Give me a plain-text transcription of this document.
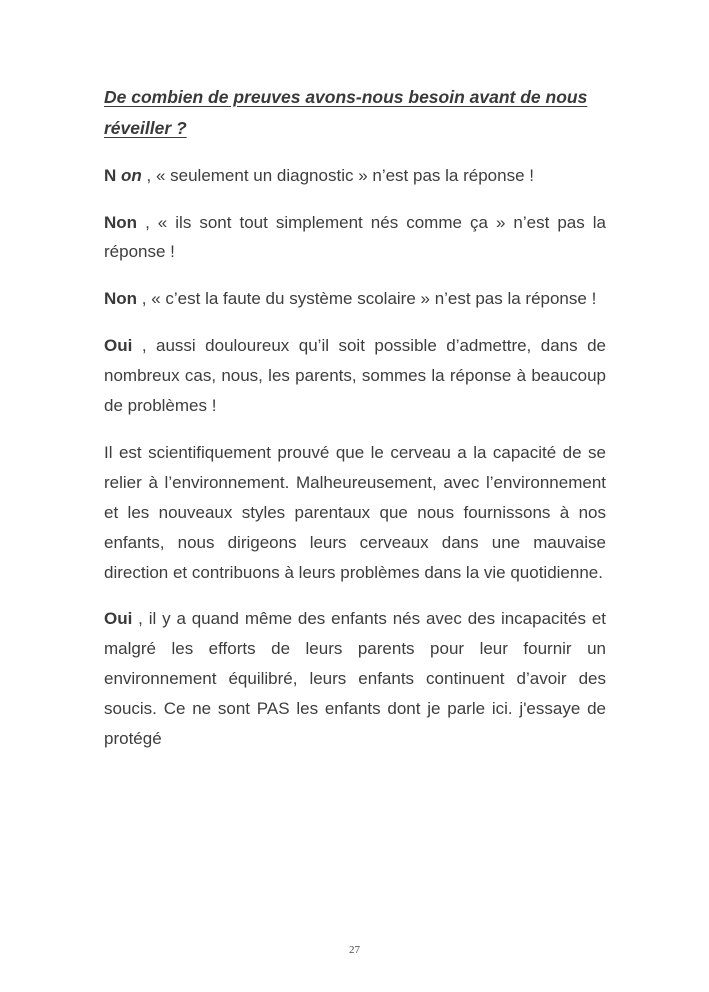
De combien de preuves avons-nous besoin avant de nous réveiller ?

N on , « seulement un diagnostic » n’est pas la réponse !

Non , « ils sont tout simplement nés comme ça » n’est pas la réponse !

Non , « c’est la faute du système scolaire » n’est pas la réponse !

Oui , aussi douloureux qu’il soit possible d’admettre, dans de nombreux cas, nous, les parents, sommes la réponse à beaucoup de problèmes !

Il est scientifiquement prouvé que le cerveau a la capacité de se relier à l’environnement. Malheureusement, avec l’environnement et les nouveaux styles parentaux que nous fournissons à nos enfants, nous dirigeons leurs cerveaux dans une mauvaise direction et contribuons à leurs problèmes dans la vie quotidienne.

Oui , il y a quand même des enfants nés avec des incapacités et malgré les efforts de leurs parents pour leur fournir un environnement équilibré, leurs enfants continuent d’avoir des soucis. Ce ne sont PAS les enfants dont je parle ici. j'essaye de protégé

27
